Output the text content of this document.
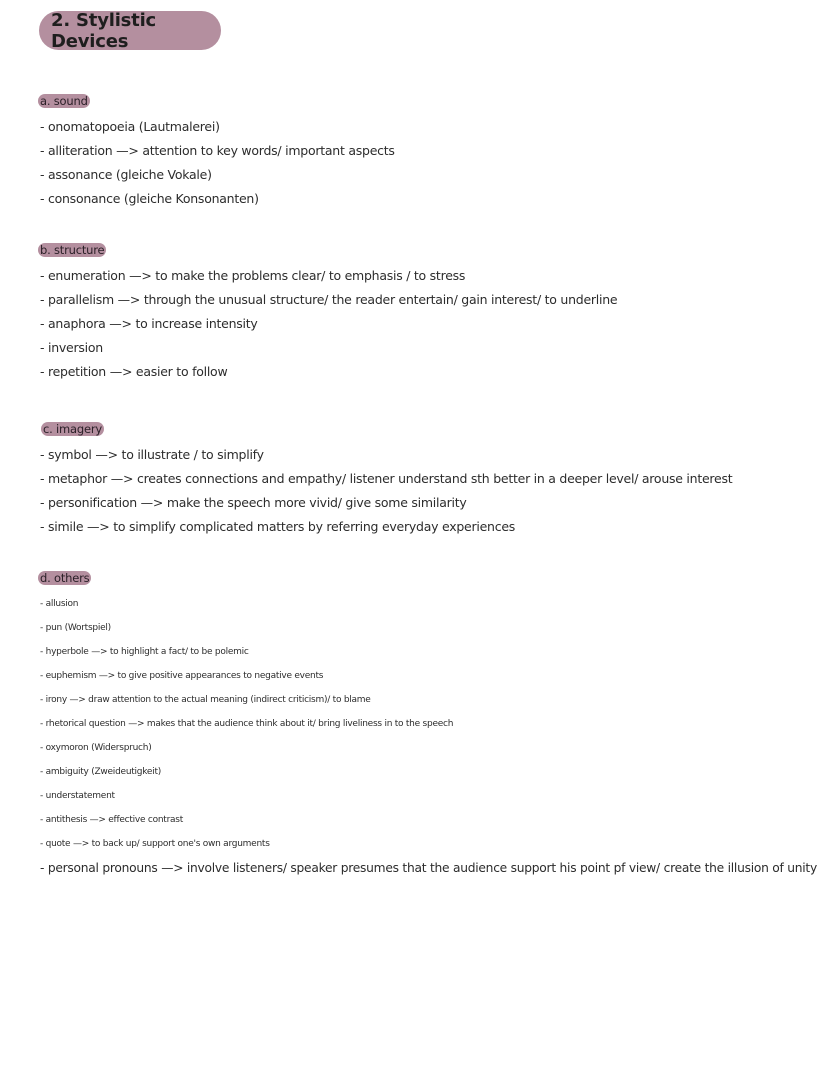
2. Stylistic Devices
a. sound
- onomatopoeia (Lautmalerei)
- alliteration —> attention to key words/ important aspects
- assonance (gleiche Vokale)
- consonance (gleiche Konsonanten)
b. structure
- enumeration —> to make the problems clear/ to emphasis / to stress
- parallelism —> through the unusual structure/ the reader entertain/ gain interest/ to underline
- anaphora —> to increase intensity
- inversion
- repetition —> easier to follow
c. imagery
- symbol —> to illustrate / to simplify
- metaphor —> creates connections and empathy/ listener understand sth better in a deeper level/ arouse interest
- personification —> make the speech more vivid/ give some similarity
- simile —> to simplify complicated matters by referring everyday experiences
d. others
- allusion
- pun (Wortspiel)
- hyperbole —> to highlight a fact/ to be polemic
- euphemism —> to give positive appearances to negative events
- irony —> draw attention to the actual meaning (indirect criticism)/ to blame
- rhetorical question —> makes that the audience think about it/ bring liveliness in to the speech
- oxymoron (Widerspruch)
- ambiguity (Zweideutigkeit)
- understatement
- antithesis —> effective contrast
- quote —> to back up/ support one's own arguments
- personal pronouns —> involve listeners/ speaker presumes that the audience support his point pf view/ create the illusion of unity
